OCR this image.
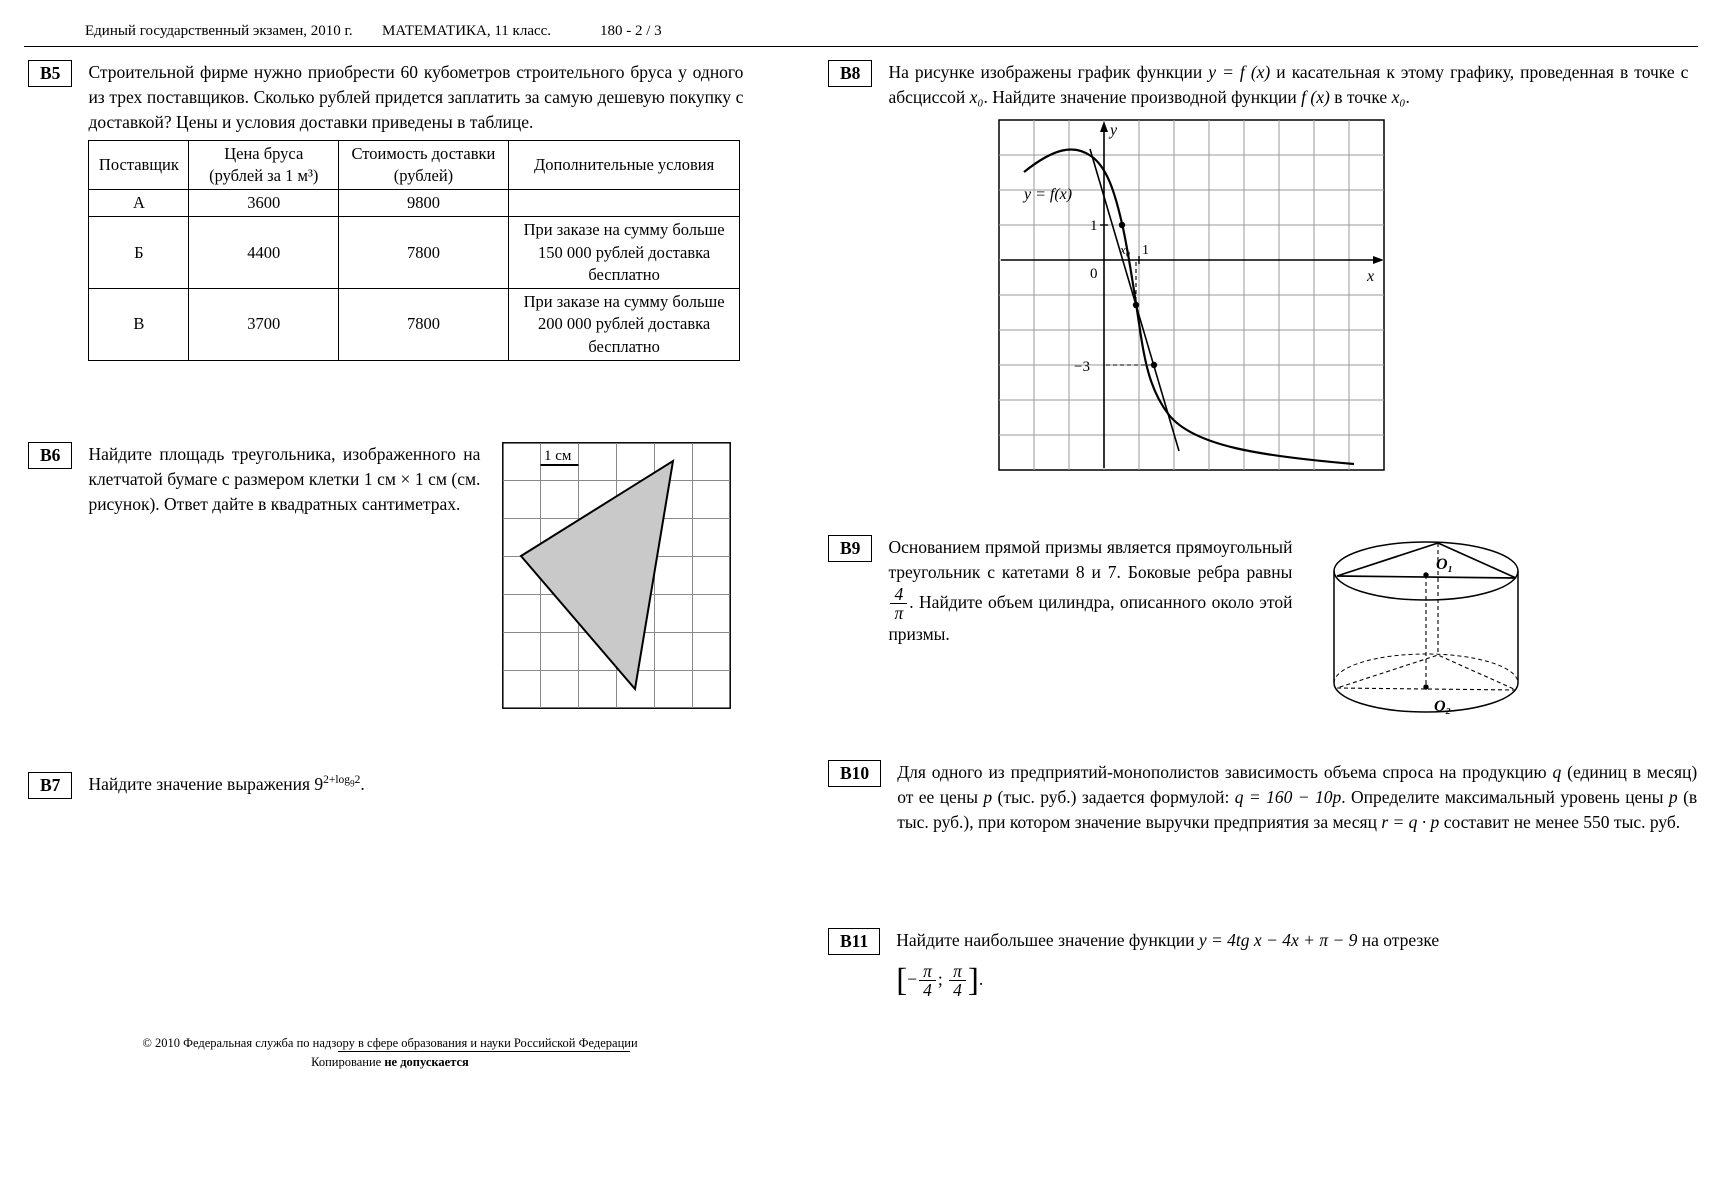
Единый государственный экзамен, 2010 г. МАТЕМАТИКА, 11 класс.	180 - 2 / 3
В5	Строительной фирме нужно приобрести 60 кубометров строительного бруса у одного из трех поставщиков. Сколько рублей придется заплатить за самую дешевую покупку с доставкой? Цены и условия доставки приведены в таблице.

Поставщик	Цена бруса (рублей за 1 м³)	Стоимость доставки (рублей)	Дополнительные условия
А	3600	9800	
Б	4400	7800	При заказе на сумму больше 150 000 рублей доставка бесплатно
В	3700	7800	При заказе на сумму больше 200 000 рублей доставка бесплатно
В6	Найдите площадь треугольника, изображенного на клетчатой бумаге с размером клетки 1 см × 1 см (см. рисунок). Ответ дайте в квадратных сантиметрах.
1 см
В7	Найдите значение выражения $9^{2+log_92}$.
В8	На рисунке изображены график функции y = f (x) и касательная к этому графику, проведенная в точке с абсциссой x₀. Найдите значение производной функции f (x) в точке x₀.

y = f(x)
y
x
0
1
x₀ 1
−3
В9	Основанием прямой призмы является прямоугольный треугольник с катетами 8 и 7. Боковые ребра равны
$\frac{4}{\pi}$ . Найдите объем цилиндра, описанного около этой призмы.
O₁
O₂
В10	Для одного из предприятий-монополистов зависимость объема спроса на продукцию q (единиц в месяц) от ее цены p (тыс. руб.) задается формулой: q = 160 − 10p. Определите максимальный уровень цены p (в тыс. руб.), при котором значение выручки предприятия за месяц r = q · p составит не менее 550 тыс. руб.
В11	Найдите наибольшее значение функции y = 4tg x − 4x + π − 9 на отрезке

[− $\frac{\pi}{4}$ ; $\frac{\pi}{4}$ ].

© 2010 Федеральная служба по надзору в сфере образования и науки Российской Федерации
Копирование не допускается
